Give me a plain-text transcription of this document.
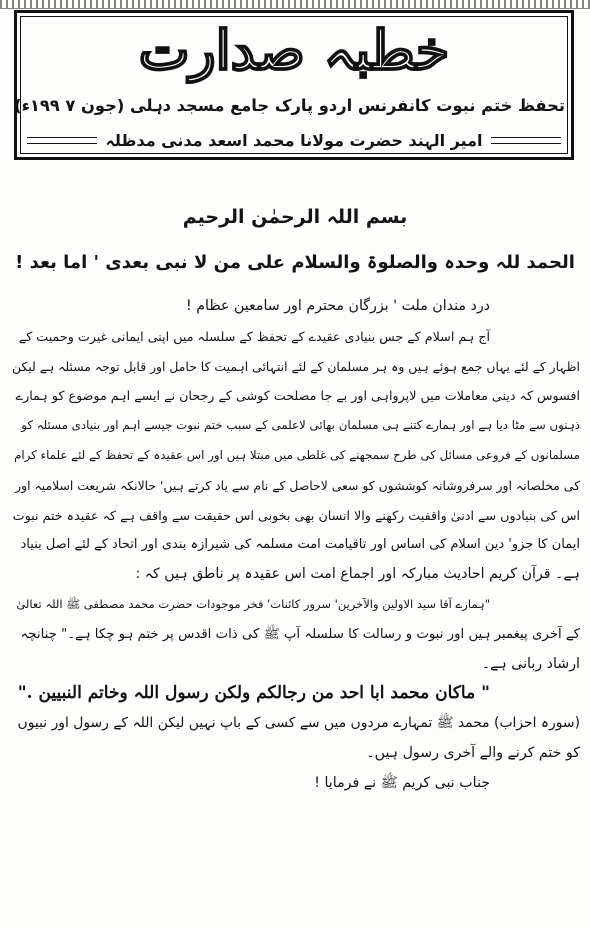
خطبہ صدارت
تحفظ ختم نبوت کانفرنس اردو پارک جامع مسجد دہلی (جون ۷ ۱۹۹ء)
امیر الہند حضرت مولانا محمد اسعد مدنی مدظلہ
بسم اللہ الرحمٰن الرحیم
الحمد للہ وحدہ والصلوۃ والسلام علی من لا نبی بعدی ' اما بعد !
درد مندان ملت ' بزرگان محترم اور سامعین عظام !
آج ہم اسلام کے جس بنیادی عقیدے کے تحفظ کے سلسلہ میں اپنی ایمانی غیرت وحمیت کے
اظہار کے لئے یہاں جمع ہوئے ہیں وہ ہر مسلمان کے لئے انتہائی اہمیت کا حامل اور قابل توجہ مسئلہ ہے لیکن
افسوس کہ دینی معاملات میں لاپرواہی اور بے جا مصلحت کوشی کے رجحان نے ایسے اہم موضوع کو ہمارے
ذہنوں سے مٹا دیا ہے اور ہمارے کتنے ہی مسلمان بھائی لاعلمی کے سبب ختم نبوت جیسے اہم اور بنیادی مسئلہ کو
مسلمانوں کے فروعی مسائل کی طرح سمجھنے کی غلطی میں مبتلا ہیں اور اس عقیدہ کے تحفظ کے لئے علماء کرام
کی مخلصانہ اور سرفروشانہ کوششوں کو سعی لاحاصل کے نام سے یاد کرتے ہیں' حالانکہ شریعت اسلامیہ اور
اس کی بنیادوں سے ادنیٰ واقفیت رکھنے والا انسان بھی بخوبی اس حقیقت سے واقف ہے کہ عقیدہ ختم نبوت
ایمان کا جزو' دین اسلام کی اساس اور تاقیامت امت مسلمہ کی شیرازہ بندی اور اتحاد کے لئے اصل بنیاد
ہے۔ قرآن کریم احادیث مبارکہ اور اجماع امت اس عقیدہ پر ناطق ہیں کہ :
"ہمارے آقا سید الاولین والآخرین' سرور کائنات' فخر موجودات حضرت محمد مصطفی ﷺ اللہ تعالیٰ
کے آخری پیغمبر ہیں اور نبوت و رسالت کا سلسلہ آپ ﷺ کی ذات اقدس پر ختم ہو چکا ہے۔" چنانچہ
ارشاد ربانی ہے۔
" ماکان محمد ابا احد من رجالکم ولکن رسول اللہ وخاتم النبیین ."
(سورہ احزاب) محمد ﷺ تمہارے مردوں میں سے کسی کے باپ نہیں لیکن اللہ کے رسول اور نبیوں
کو ختم کرنے والے آخری رسول ہیں۔
جناب نبی کریم ﷺ نے فرمایا !
